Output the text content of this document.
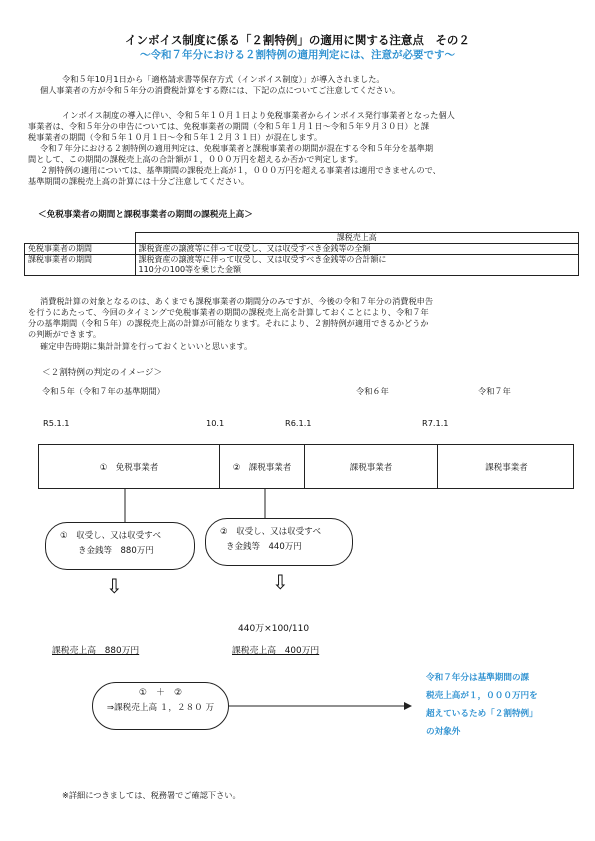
インボイス制度に係る「２割特例」の適用に関する注意点　その２
～令和７年分における２割特例の適用判定には、注意が必要です～
令和５年10月1日から「適格請求書等保存方式（インボイス制度）」が導入されました。
個人事業者の方が令和５年分の消費税計算をする際には、下記の点についてご注意してください。
インボイス制度の導入に伴い、令和５年１０月１日より免税事業者からインボイス発行事業者となった個人
事業者は、令和５年分の申告については、免税事業者の期間（令和５年１月１日～令和５年９月３０日）と課
税事業者の期間（令和５年１０月１日～令和５年１２月３１日）が混在します。
令和７年分における２割特例の適用判定は、免税事業者と課税事業者の期間が混在する令和５年分を基準期
間として、この期間の課税売上高の合計額が１，０００万円を超えるか否かで判定します。
２割特例の適用については、基準期間の課税売上高が１，０００万円を超える事業者は適用できませんので、
基準期間の課税売上高の計算には十分ご注意してください。
＜免税事業者の期間と課税事業者の期間の課税売上高＞
	課税売上高
免税事業者の期間	課税資産の譲渡等に伴って収受し、又は収受すべき金銭等の全額
課税事業者の期間	課税資産の譲渡等に伴って収受し、又は収受すべき金銭等の合計額に
110分の100等を乗じた金額
消費税計算の対象となるのは、あくまでも課税事業者の期間分のみですが、今後の令和７年分の消費税申告
を行うにあたって、今回のタイミングで免税事業者の期間の課税売上高を計算しておくことにより、令和７年
分の基準期間（令和５年）の課税売上高の計算が可能なります。それにより、２割特例が適用できるかどうか
の判断ができます。
確定申告時期に集計計算を行っておくといいと思います。
＜２割特例の判定のイメージ＞
令和５年（令和７年の基準期間）	令和６年	令和７年
R5.1.1	10.1	R6.1.1	R7.1.1
①　免税事業者	②　課税事業者	課税事業者	課税事業者
①　収受し、又は収受すべ
き金銭等　880万円
②　収受し、又は収受すべ
き金銭等　440万円
⇩	⇩
440万×100/110
課税売上高　880万円	課税売上高　400万円
①　＋　②
⇒課税売上高 １，２８０ 万
令和７年分は基準期間の課
税売上高が１，０００万円を
超えているため「２割特例」
の対象外
※詳細につきましては、税務署でご確認下さい。
